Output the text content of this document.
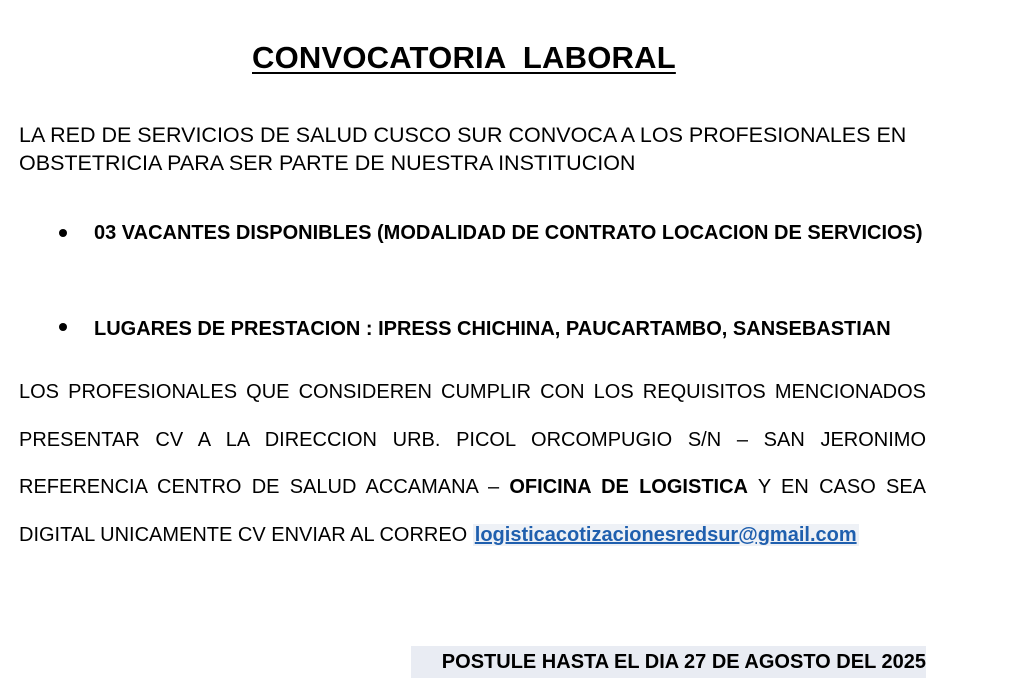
CONVOCATORIA  LABORAL
LA RED DE SERVICIOS DE SALUD CUSCO SUR CONVOCA A LOS PROFESIONALES EN OBSTETRICIA PARA SER PARTE DE NUESTRA INSTITUCION
03 VACANTES DISPONIBLES (MODALIDAD DE CONTRATO LOCACION DE SERVICIOS)
LUGARES DE PRESTACION : IPRESS CHICHINA, PAUCARTAMBO, SANSEBASTIAN
LOS PROFESIONALES QUE CONSIDEREN CUMPLIR CON LOS REQUISITOS MENCIONADOS PRESENTAR CV A LA DIRECCION URB. PICOL ORCOMPUGIO S/N – SAN JERONIMO REFERENCIA CENTRO DE SALUD ACCAMANA – OFICINA DE LOGISTICA Y EN CASO SEA DIGITAL UNICAMENTE CV ENVIAR AL CORREO logisticacotizacionesredsur@gmail.com
POSTULE HASTA EL DIA 27 DE AGOSTO DEL 2025
